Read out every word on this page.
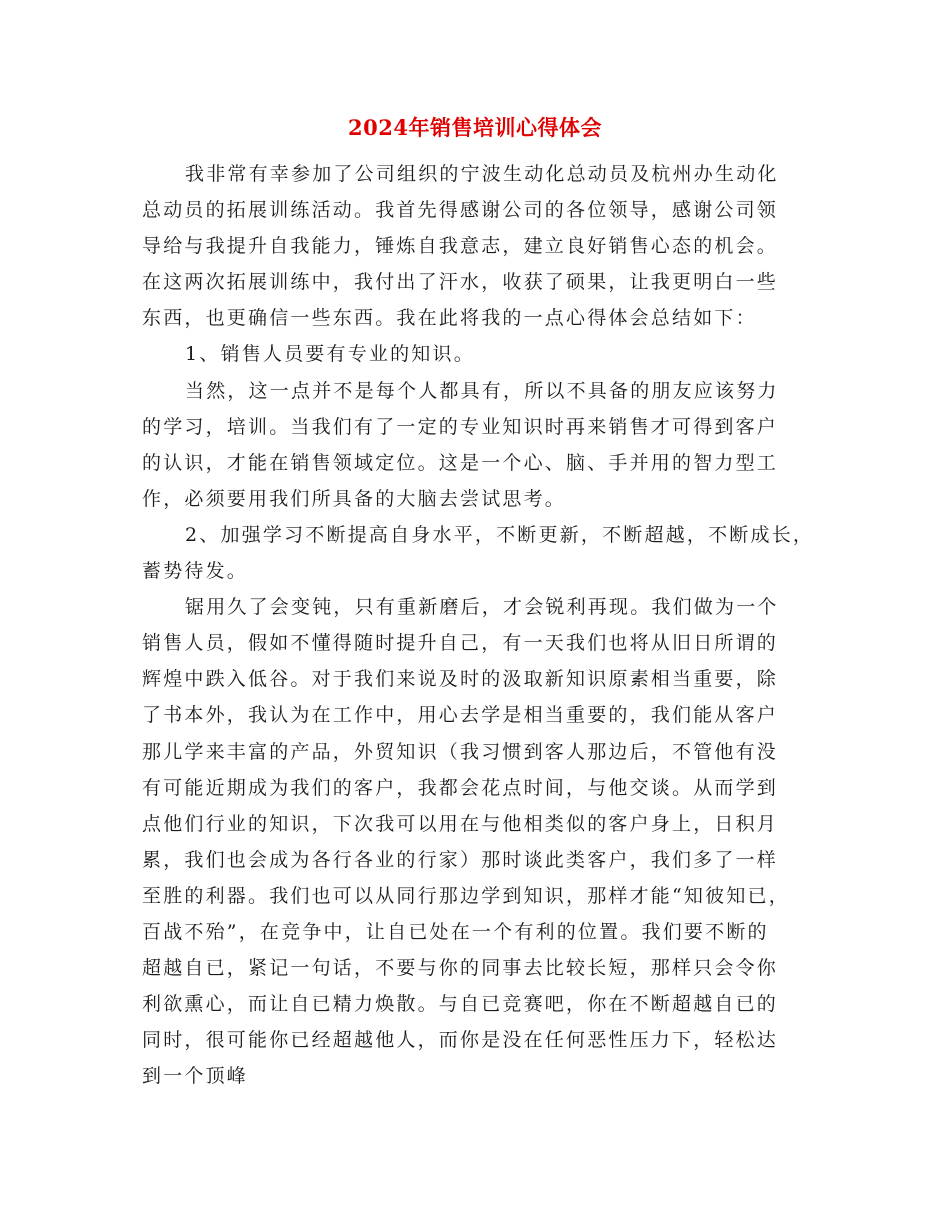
2024年销售培训心得体会
我非常有幸参加了公司组织的宁波生动化总动员及杭州办生动化
总动员的拓展训练活动。我首先得感谢公司的各位领导，感谢公司领
导给与我提升自我能力，锤炼自我意志，建立良好销售心态的机会。
在这两次拓展训练中，我付出了汗水，收获了硕果，让我更明白一些
东西，也更确信一些东西。我在此将我的一点心得体会总结如下：
1、销售人员要有专业的知识。
当然，这一点并不是每个人都具有，所以不具备的朋友应该努力
的学习，培训。当我们有了一定的专业知识时再来销售才可得到客户
的认识，才能在销售领域定位。这是一个心、脑、手并用的智力型工
作，必须要用我们所具备的大脑去尝试思考。
2、加强学习不断提高自身水平，不断更新，不断超越，不断成长，
蓄势待发。
锯用久了会变钝，只有重新磨后，才会锐利再现。我们做为一个
销售人员，假如不懂得随时提升自己，有一天我们也将从旧日所谓的
辉煌中跌入低谷。对于我们来说及时的汲取新知识原素相当重要，除
了书本外，我认为在工作中，用心去学是相当重要的，我们能从客户
那儿学来丰富的产品，外贸知识（我习惯到客人那边后，不管他有没
有可能近期成为我们的客户，我都会花点时间，与他交谈。从而学到
点他们行业的知识，下次我可以用在与他相类似的客户身上，日积月
累，我们也会成为各行各业的行家）那时谈此类客户，我们多了一样
至胜的利器。我们也可以从同行那边学到知识，那样才能“知彼知已，
百战不殆”，在竞争中，让自已处在一个有利的位置。我们要不断的
超越自已，紧记一句话，不要与你的同事去比较长短，那样只会令你
利欲熏心，而让自已精力焕散。与自已竞赛吧，你在不断超越自已的
同时，很可能你已经超越他人，而你是没在任何恶性压力下，轻松达
到一个顶峰
